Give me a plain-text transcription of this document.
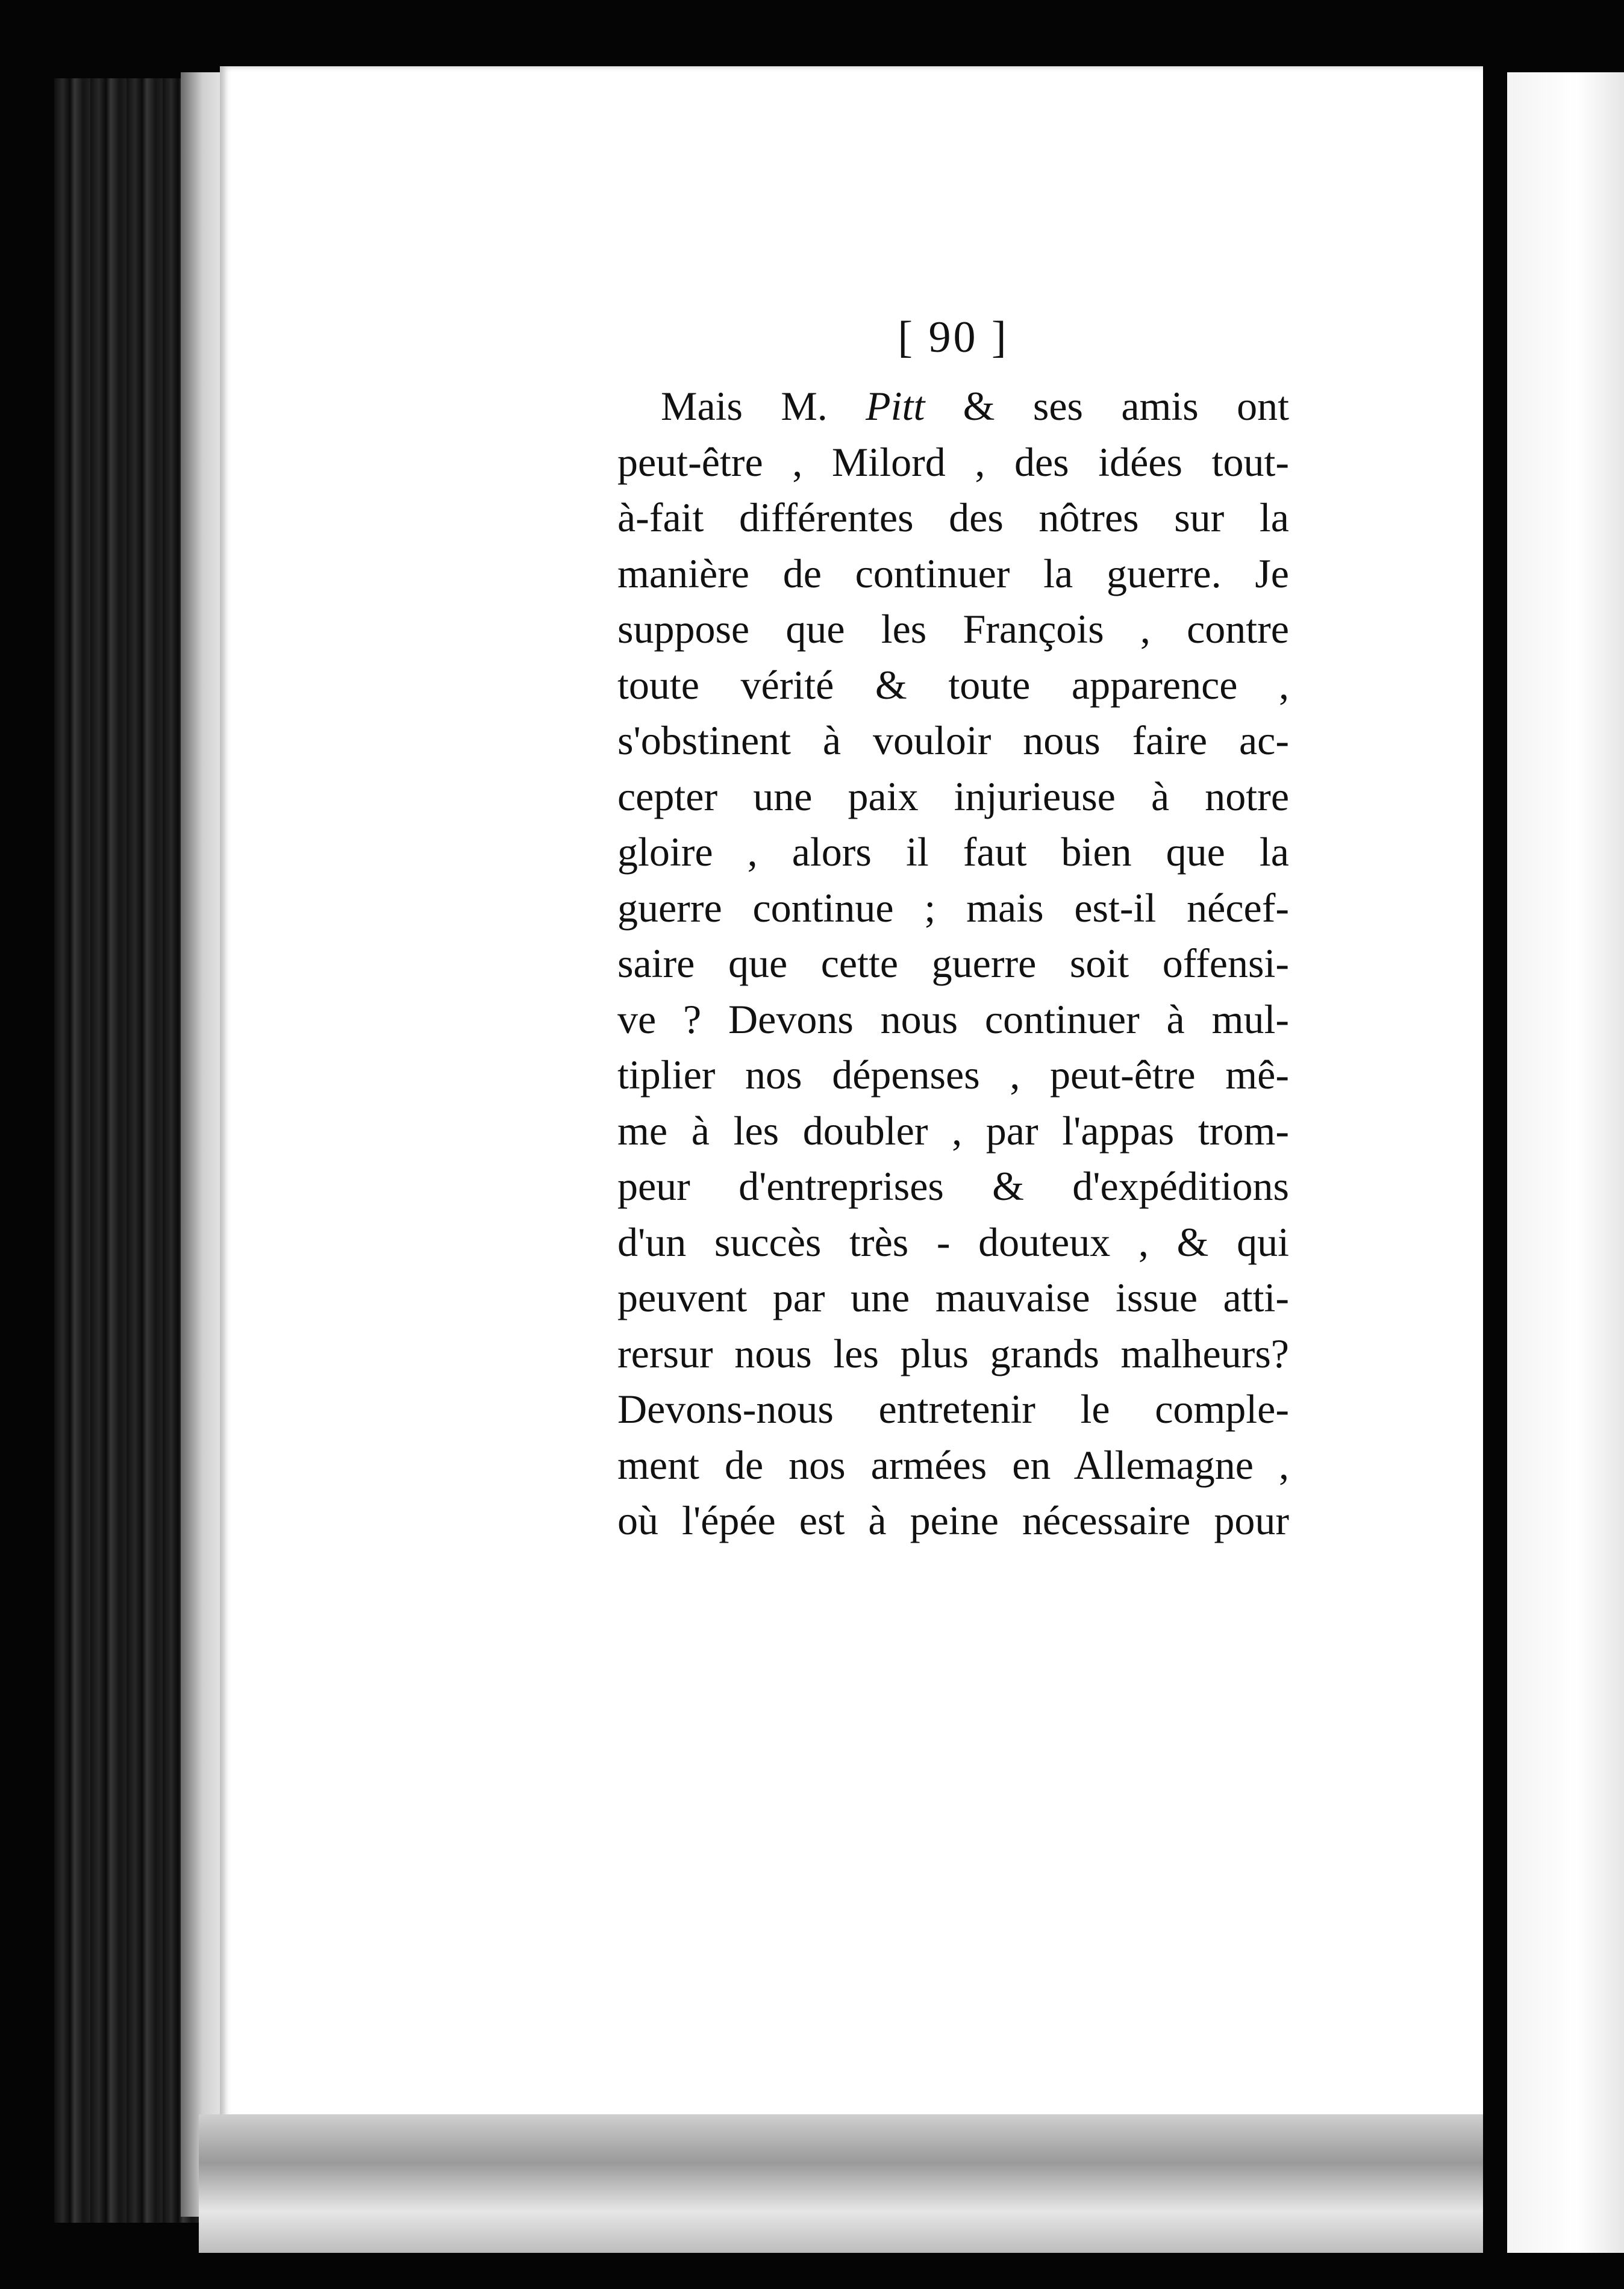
[ 90 ]
Mais M. Pitt & ses amis ont
peut-être , Milord , des idées tout-
à-fait différentes des nôtres sur la
manière de continuer la guerre. Je
suppose que les François , contre
toute vérité & toute apparence ,
s'obstinent à vouloir nous faire ac-
cepter une paix injurieuse à notre
gloire , alors il faut bien que la
guerre continue ; mais est-il nécef-
saire que cette guerre soit offensi-
ve ? Devons nous continuer à mul-
tiplier nos dépenses , peut-être mê-
me à les doubler , par l'appas trom-
peur d'entreprises & d'expéditions
d'un succès très - douteux , & qui
peuvent par une mauvaise issue atti-
rersur nous les plus grands malheurs?
Devons-nous entretenir le comple-
ment de nos armées en Allemagne ,
où l'épée est à peine nécessaire pour
